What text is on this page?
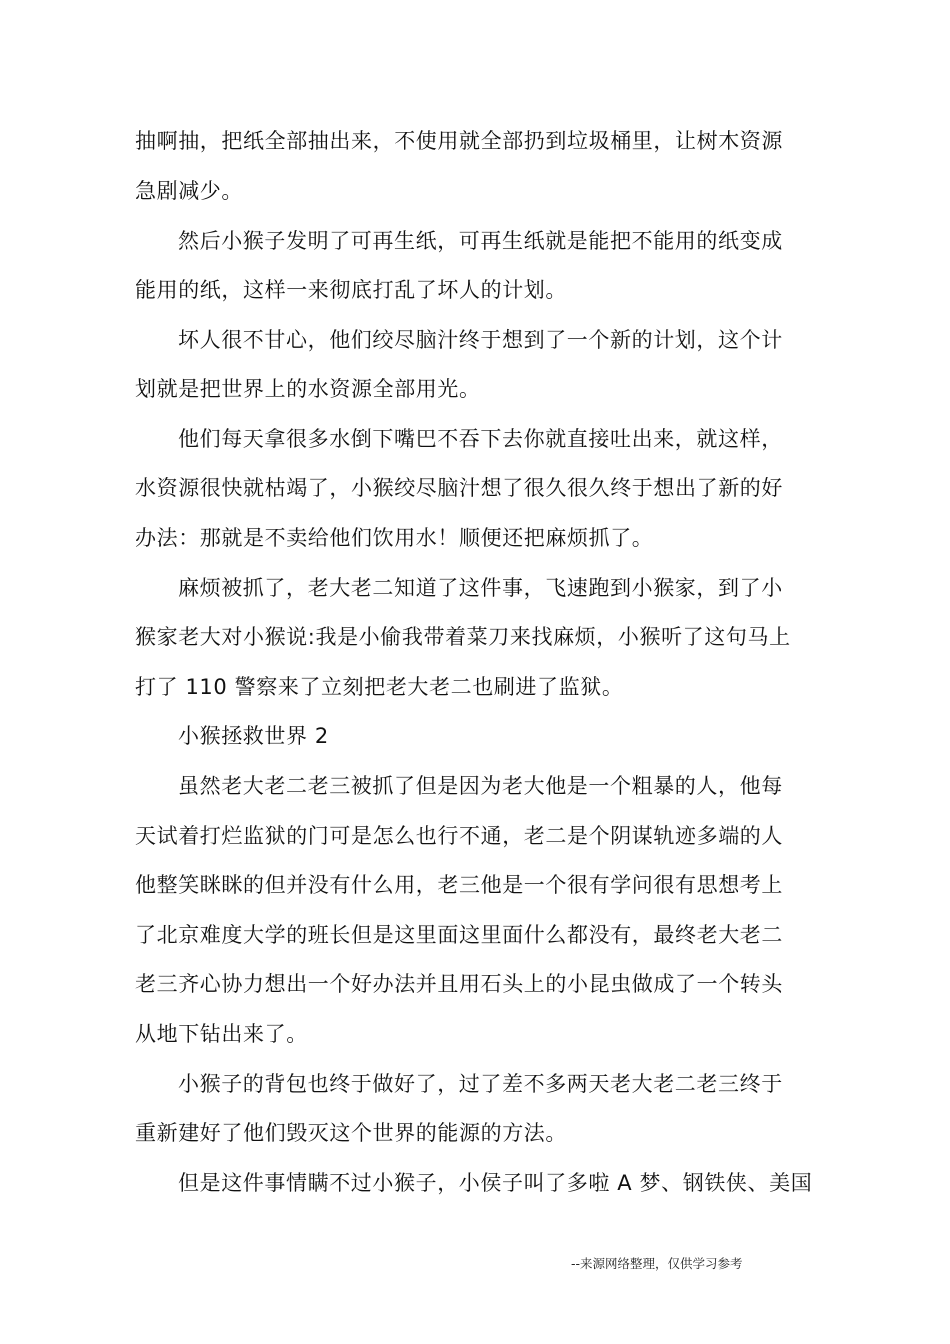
抽啊抽，把纸全部抽出来，不使用就全部扔到垃圾桶里，让树木资源
急剧减少。
然后小猴子发明了可再生纸，可再生纸就是能把不能用的纸变成
能用的纸，这样一来彻底打乱了坏人的计划。
坏人很不甘心，他们绞尽脑汁终于想到了一个新的计划，这个计
划就是把世界上的水资源全部用光。
他们每天拿很多水倒下嘴巴不吞下去你就直接吐出来，就这样，
水资源很快就枯竭了，小猴绞尽脑汁想了很久很久终于想出了新的好
办法：那就是不卖给他们饮用水！顺便还把麻烦抓了。
麻烦被抓了，老大老二知道了这件事，飞速跑到小猴家，到了小
猴家老大对小猴说:我是小偷我带着菜刀来找麻烦，小猴听了这句马上
打了 110 警察来了立刻把老大老二也刷进了监狱。
小猴拯救世界 2
虽然老大老二老三被抓了但是因为老大他是一个粗暴的人，他每
天试着打烂监狱的门可是怎么也行不通，老二是个阴谋轨迹多端的人
他整笑眯眯的但并没有什么用，老三他是一个很有学问很有思想考上
了北京难度大学的班长但是这里面这里面什么都没有，最终老大老二
老三齐心协力想出一个好办法并且用石头上的小昆虫做成了一个转头
从地下钻出来了。
小猴子的背包也终于做好了，过了差不多两天老大老二老三终于
重新建好了他们毁灭这个世界的能源的方法。
但是这件事情瞒不过小猴子，小侯子叫了多啦 A 梦、钢铁侠、美国
--来源网络整理，仅供学习参考
